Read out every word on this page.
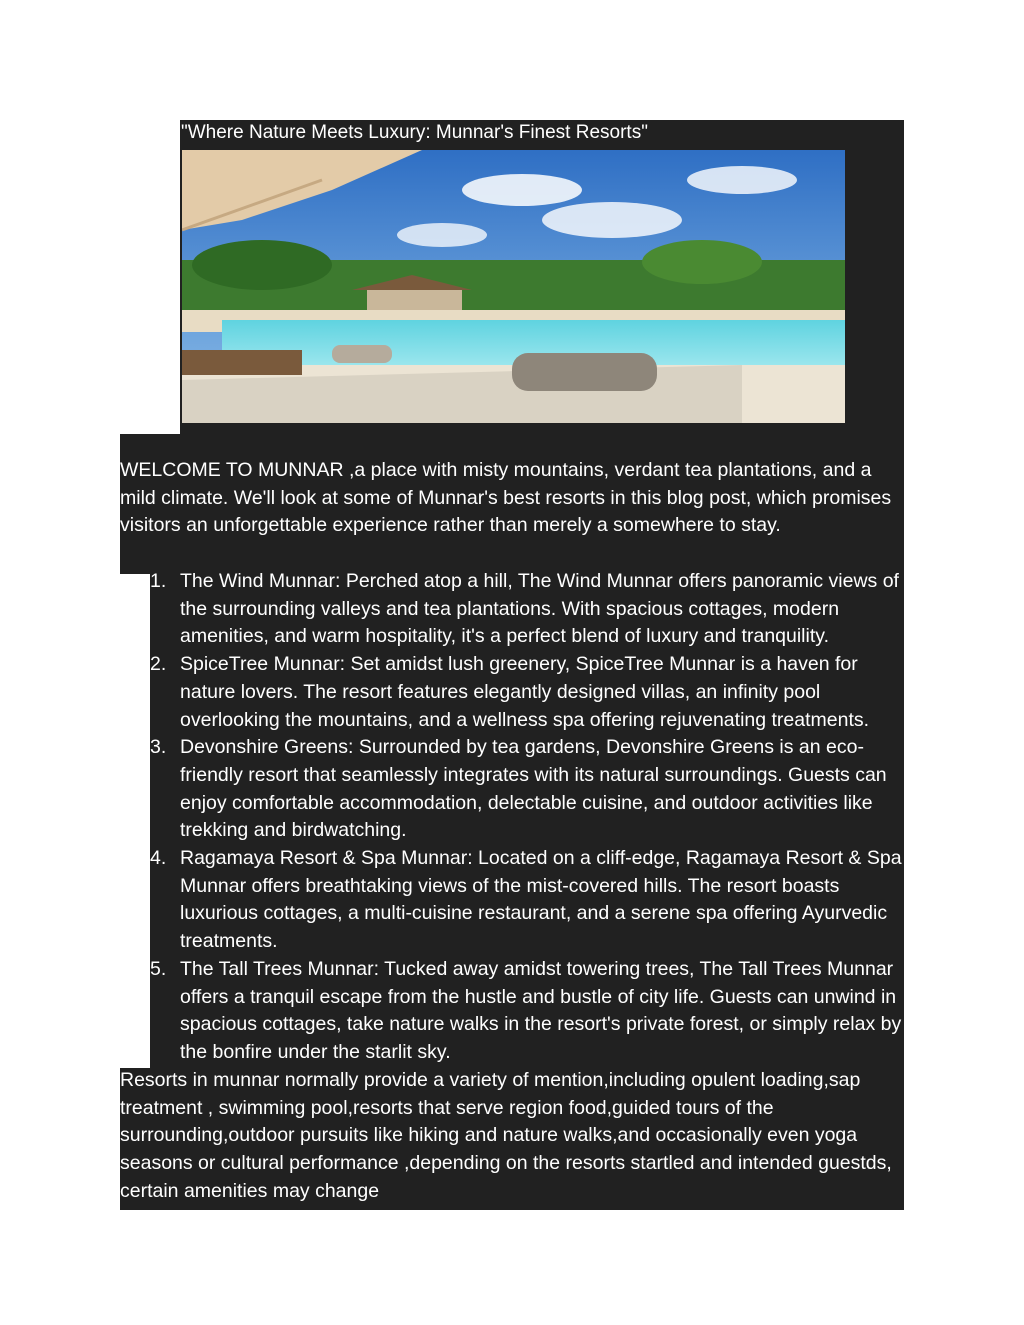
"Where Nature Meets Luxury: Munnar's Finest Resorts"

WELCOME TO MUNNAR ,a place with misty mountains, verdant tea plantations, and a mild climate. We'll look at some of Munnar's best resorts in this blog post, which promises visitors an unforgettable experience rather than merely a somewhere to stay.

1. The Wind Munnar: Perched atop a hill, The Wind Munnar offers panoramic views of the surrounding valleys and tea plantations. With spacious cottages, modern amenities, and warm hospitality, it's a perfect blend of luxury and tranquility.
2. SpiceTree Munnar: Set amidst lush greenery, SpiceTree Munnar is a haven for nature lovers. The resort features elegantly designed villas, an infinity pool overlooking the mountains, and a wellness spa offering rejuvenating treatments.
3. Devonshire Greens: Surrounded by tea gardens, Devonshire Greens is an eco-friendly resort that seamlessly integrates with its natural surroundings. Guests can enjoy comfortable accommodation, delectable cuisine, and outdoor activities like trekking and birdwatching.
4. Ragamaya Resort & Spa Munnar: Located on a cliff-edge, Ragamaya Resort & Spa Munnar offers breathtaking views of the mist-covered hills. The resort boasts luxurious cottages, a multi-cuisine restaurant, and a serene spa offering Ayurvedic treatments.
5. The Tall Trees Munnar: Tucked away amidst towering trees, The Tall Trees Munnar offers a tranquil escape from the hustle and bustle of city life. Guests can unwind in spacious cottages, take nature walks in the resort's private forest, or simply relax by the bonfire under the starlit sky.

Resorts in munnar normally provide a variety of mention,including opulent loading,sap treatment , swimming pool,resorts that serve region food,guided tours of the surrounding,outdoor pursuits like hiking and nature walks,and occasionally even yoga seasons or cultural performance ,depending on the resorts startled and intended guestds, certain amenities may change
